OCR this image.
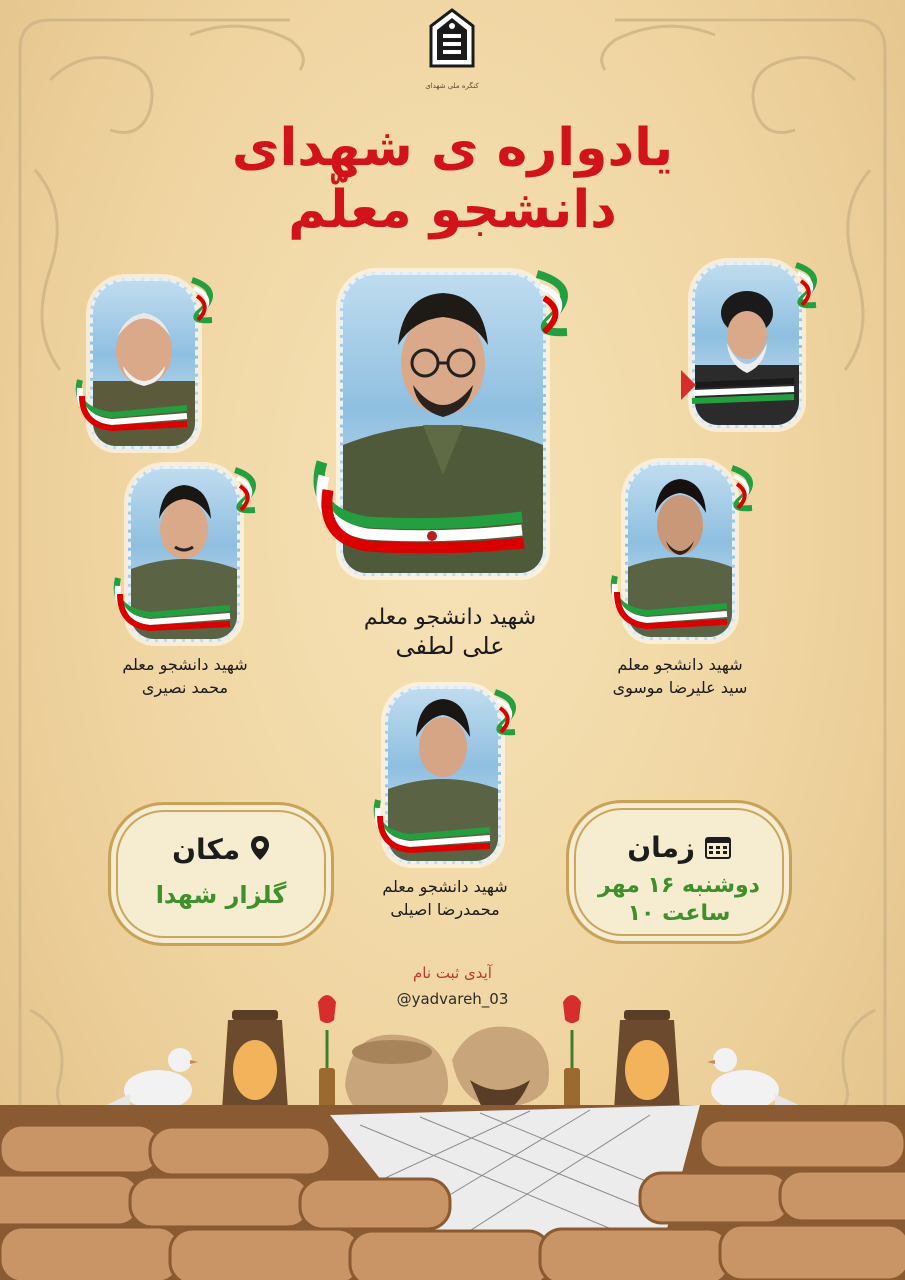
کنگره ملی شهدای
یادواره ی شهدای
دانشجو معلّم
شهید دانشجو معلم
علی لطفی
شهید دانشجو معلم
محمد نصیری
شهید دانشجو معلم
سید علیرضا موسوی
شهید دانشجو معلم
محمدرضا اصیلی
مکان
گلزار شهدا
زمان
دوشنبه ۱۶ مهر
ساعت ۱۰
آیدی ثبت نام
@yadvareh_03
